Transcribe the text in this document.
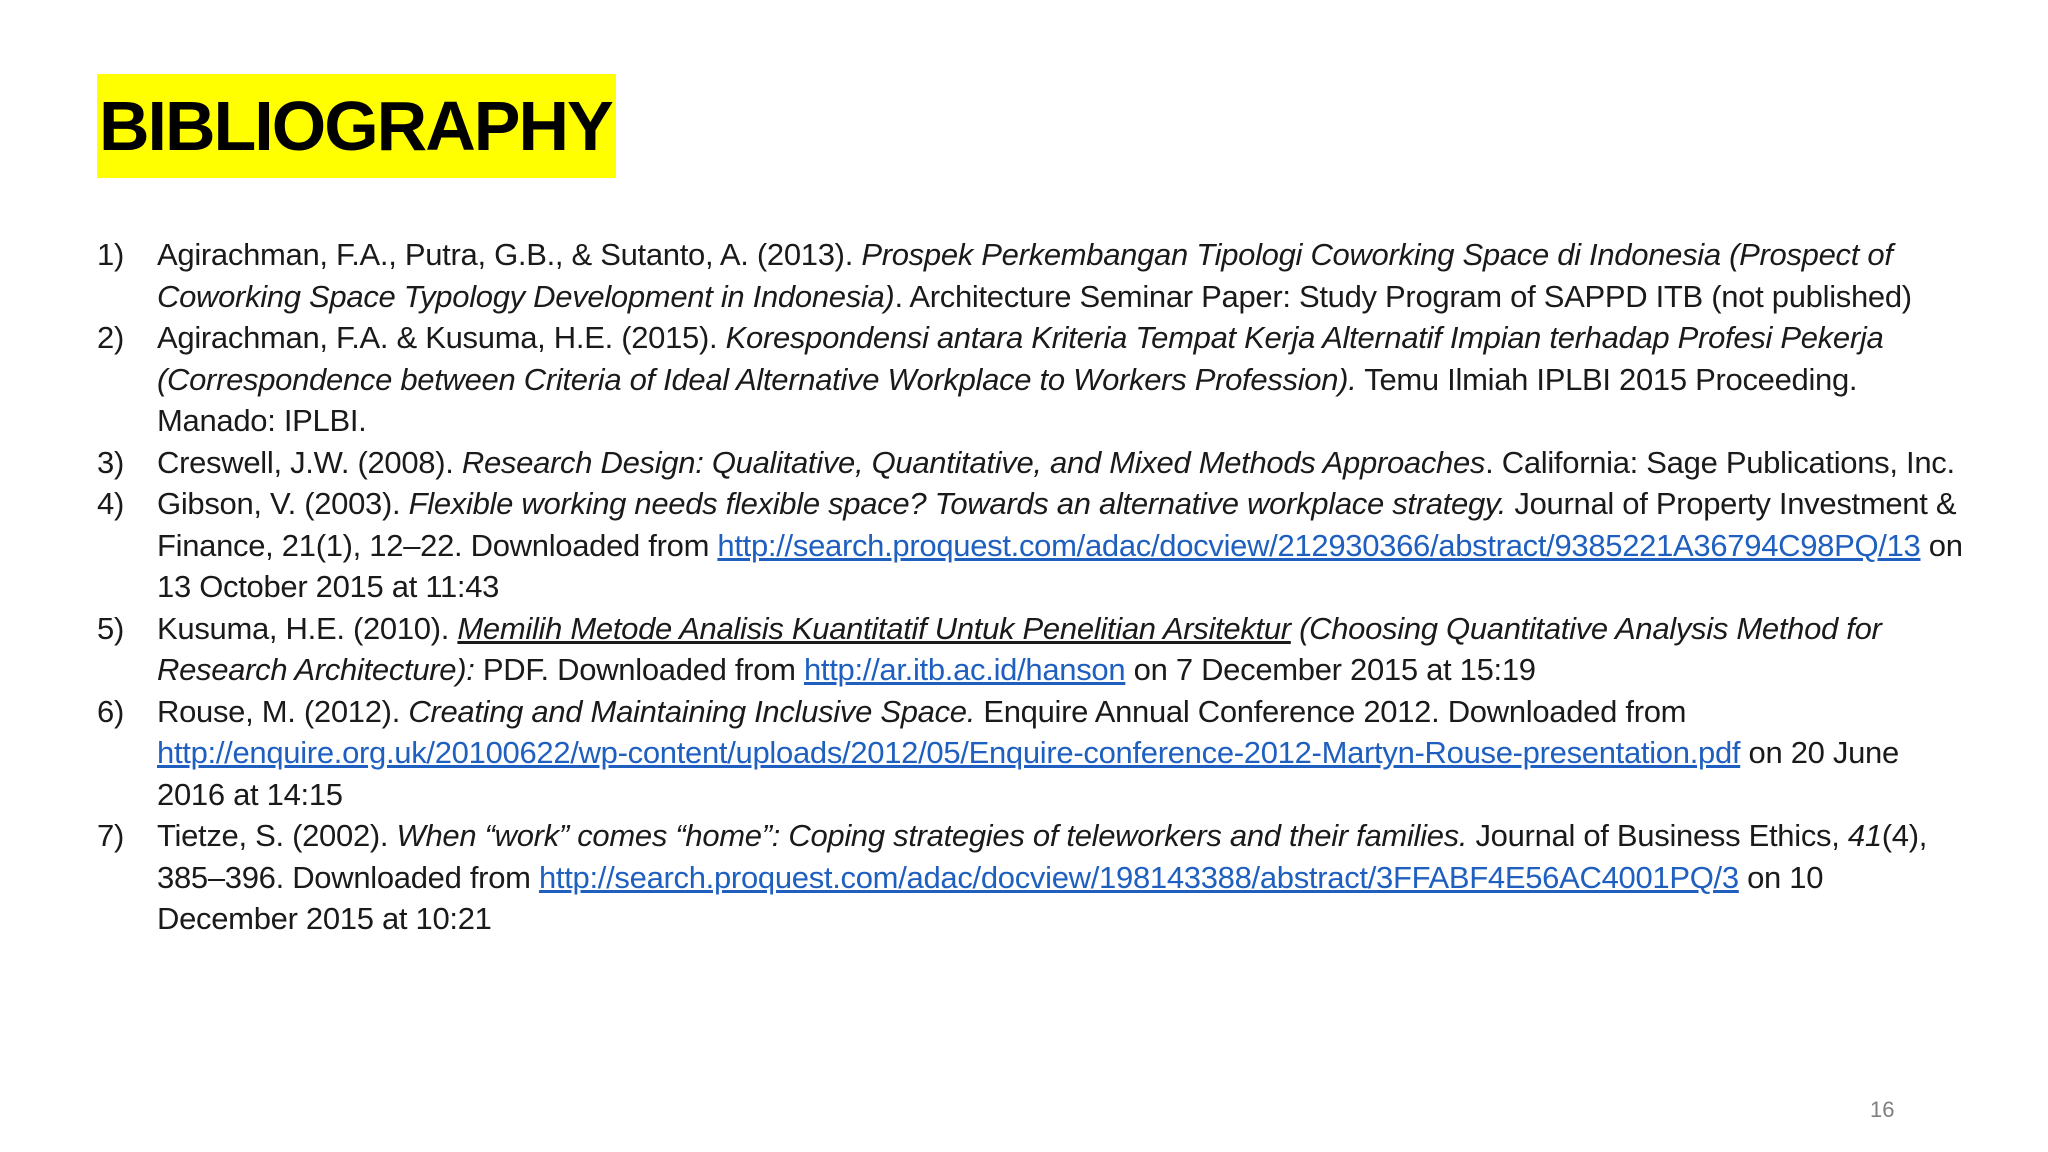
BIBLIOGRAPHY
1)	Agirachman, F.A., Putra, G.B., & Sutanto, A. (2013). Prospek Perkembangan Tipologi Coworking Space di Indonesia (Prospect of Coworking Space Typology Development in Indonesia). Architecture Seminar Paper: Study Program of SAPPD ITB (not published)
2)	Agirachman, F.A. & Kusuma, H.E. (2015). Korespondensi antara Kriteria Tempat Kerja Alternatif Impian terhadap Profesi Pekerja (Correspondence between Criteria of Ideal Alternative Workplace to Workers Profession). Temu Ilmiah IPLBI 2015 Proceeding. Manado: IPLBI.
3)	Creswell, J.W. (2008). Research Design: Qualitative, Quantitative, and Mixed Methods Approaches. California: Sage Publications, Inc.
4)	Gibson, V. (2003). Flexible working needs flexible space? Towards an alternative workplace strategy. Journal of Property Investment & Finance, 21(1), 12–22. Downloaded from http://search.proquest.com/adac/docview/212930366/abstract/9385221A36794C98PQ/13 on 13 October 2015 at 11:43
5)	Kusuma, H.E. (2010). Memilih Metode Analisis Kuantitatif Untuk Penelitian Arsitektur (Choosing Quantitative Analysis Method for Research Architecture): PDF. Downloaded from http://ar.itb.ac.id/hanson on 7 December 2015 at 15:19
6)	Rouse, M. (2012). Creating and Maintaining Inclusive Space. Enquire Annual Conference 2012. Downloaded from http://enquire.org.uk/20100622/wp-content/uploads/2012/05/Enquire-conference-2012-Martyn-Rouse-presentation.pdf on 20 June 2016 at 14:15
7)	Tietze, S. (2002). When “work” comes “home”: Coping strategies of teleworkers and their families. Journal of Business Ethics, 41(4), 385–396. Downloaded from http://search.proquest.com/adac/docview/198143388/abstract/3FFABF4E56AC4001PQ/3 on 10 December 2015 at 10:21
16
